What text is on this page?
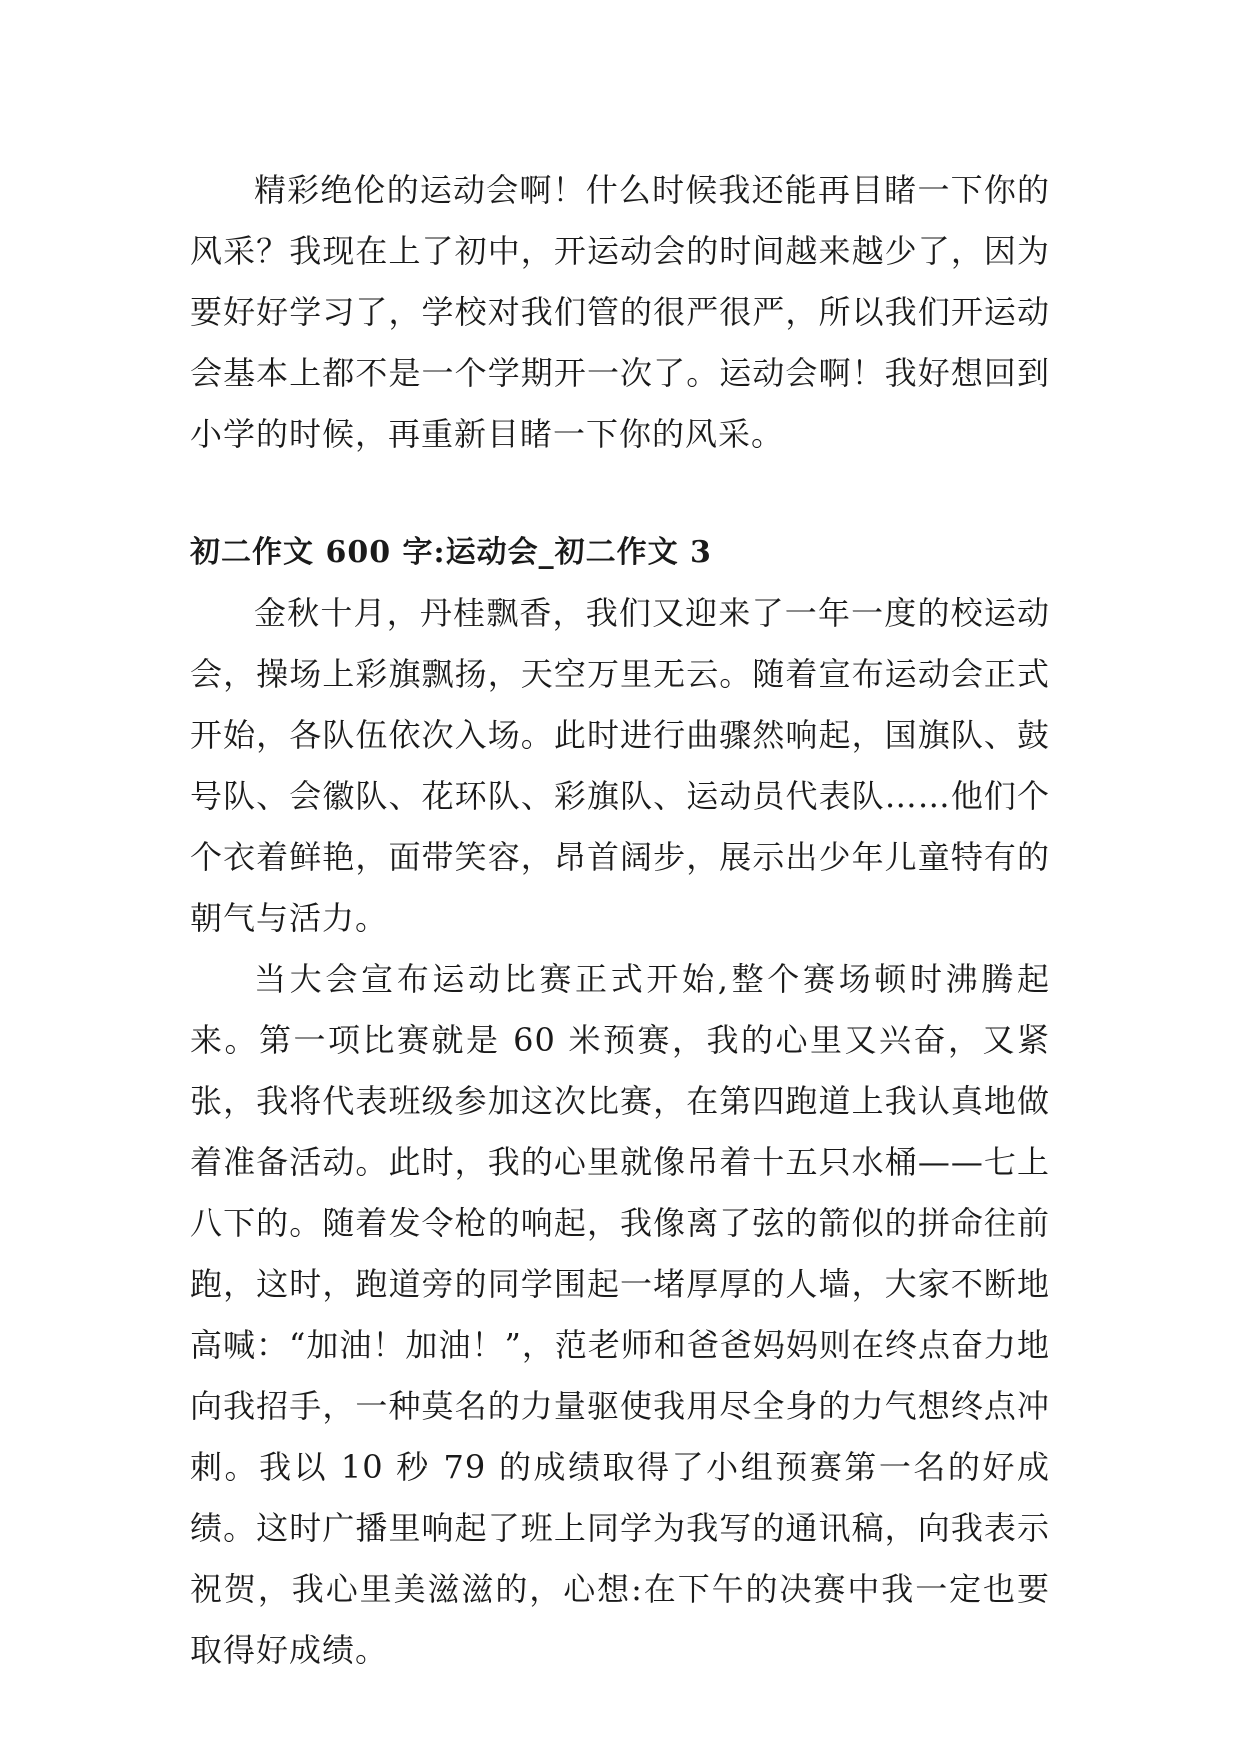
精彩绝伦的运动会啊！什么时候我还能再目睹一下你的风采？我现在上了初中，开运动会的时间越来越少了，因为要好好学习了，学校对我们管的很严很严，所以我们开运动会基本上都不是一个学期开一次了。运动会啊！我好想回到小学的时候，再重新目睹一下你的风采。

初二作文 600 字:运动会_初二作文 3

金秋十月，丹桂飘香，我们又迎来了一年一度的校运动会，操场上彩旗飘扬，天空万里无云。随着宣布运动会正式开始，各队伍依次入场。此时进行曲骤然响起，国旗队、鼓号队、会徽队、花环队、彩旗队、运动员代表队……他们个个衣着鲜艳，面带笑容，昂首阔步，展示出少年儿童特有的朝气与活力。

当大会宣布运动比赛正式开始,整个赛场顿时沸腾起来。第一项比赛就是 60 米预赛，我的心里又兴奋，又紧张，我将代表班级参加这次比赛，在第四跑道上我认真地做着准备活动。此时，我的心里就像吊着十五只水桶——七上八下的。随着发令枪的响起，我像离了弦的箭似的拼命往前跑，这时，跑道旁的同学围起一堵厚厚的人墙，大家不断地高喊：“加油！加油！”，范老师和爸爸妈妈则在终点奋力地向我招手，一种莫名的力量驱使我用尽全身的力气想终点冲刺。我以 10 秒 79 的成绩取得了小组预赛第一名的好成绩。这时广播里响起了班上同学为我写的通讯稿，向我表示祝贺，我心里美滋滋的，心想:在下午的决赛中我一定也要取得好成绩。
